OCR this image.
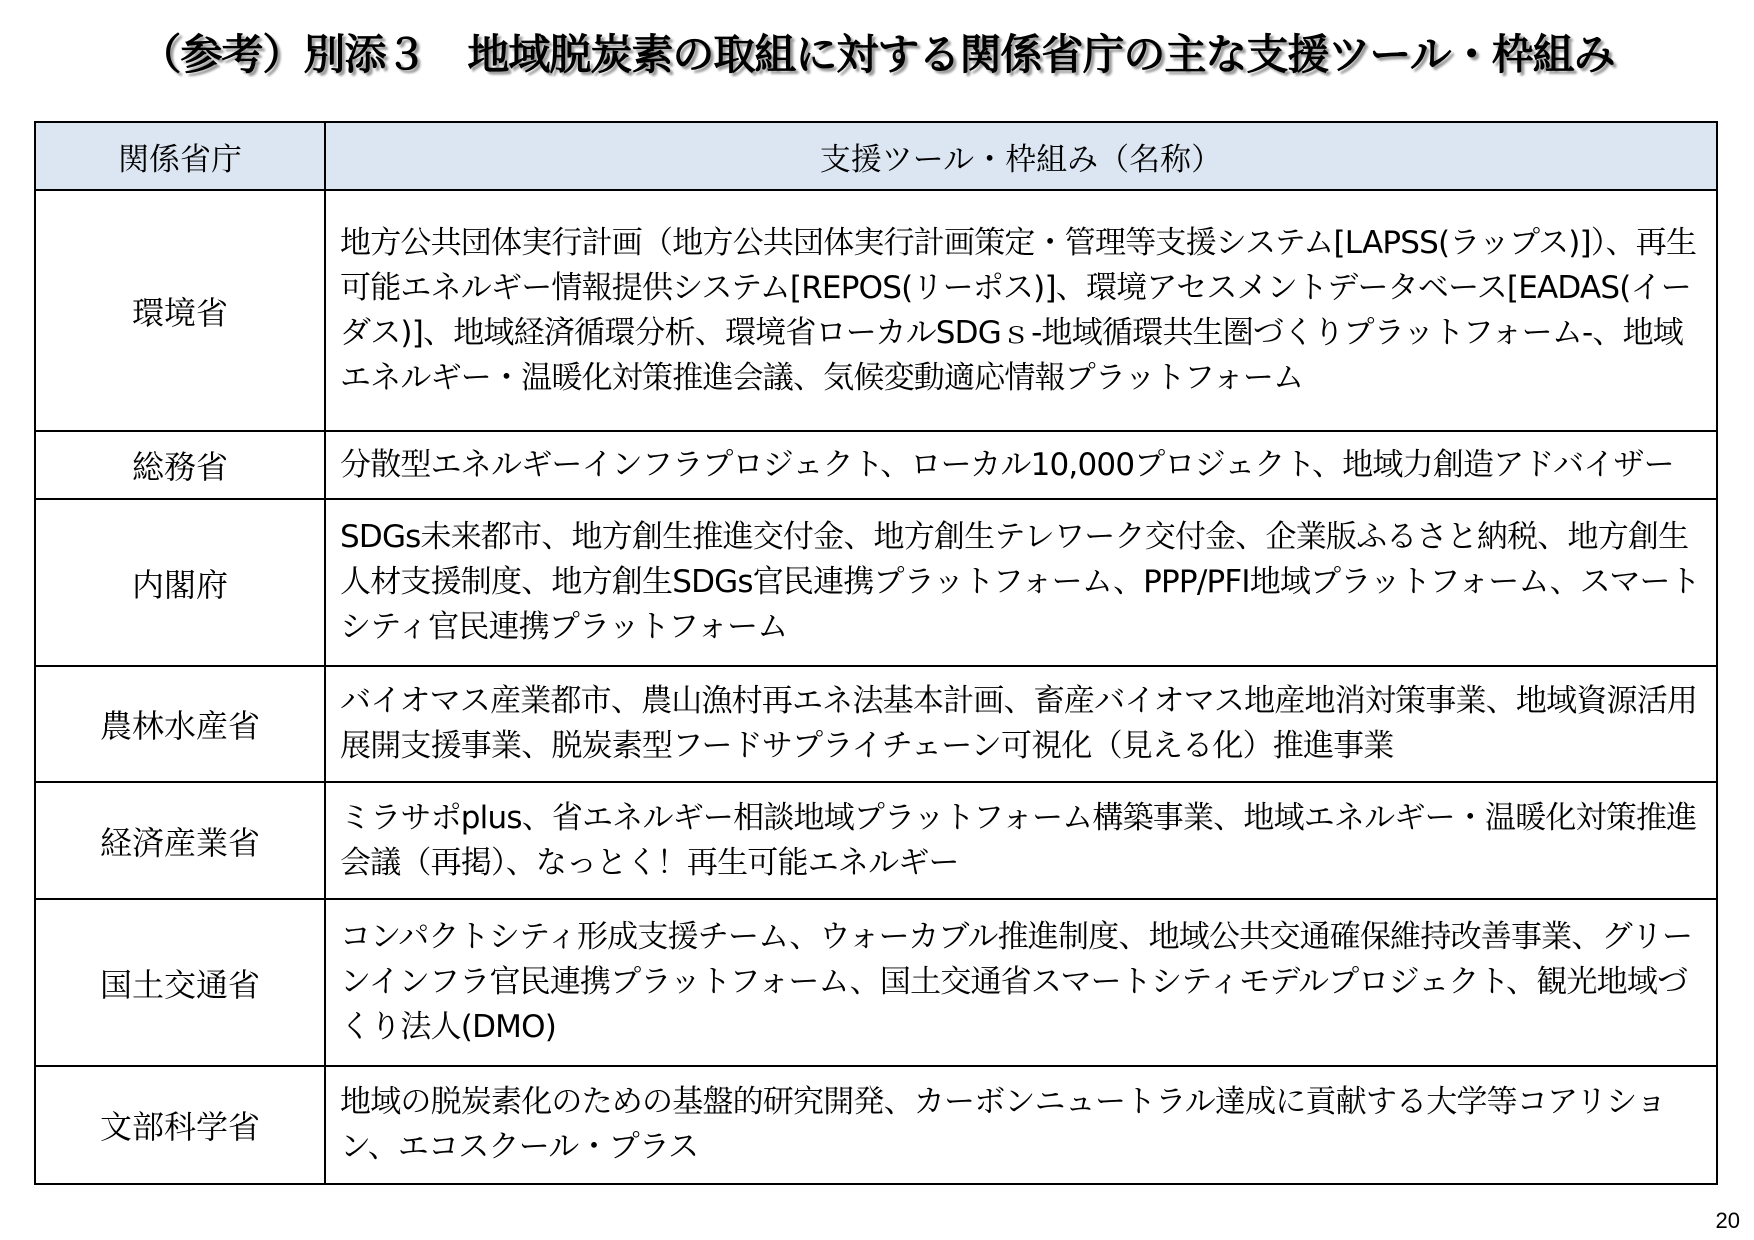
（参考）別添３　地域脱炭素の取組に対する関係省庁の主な支援ツール・枠組み
関係省庁	支援ツール・枠組み（名称）
環境省	地方公共団体実行計画（地方公共団体実行計画策定・管理等支援システム[LAPSS(ラップス)]）、再生可能エネルギー情報提供システム[REPOS(リーポス)]、環境アセスメントデータベース[EADAS(イーダス)]、地域経済循環分析、環境省ローカルSDGｓ-地域循環共生圏づくりプラットフォーム-、地域エネルギー・温暖化対策推進会議、気候変動適応情報プラットフォーム
総務省	分散型エネルギーインフラプロジェクト、ローカル10,000プロジェクト、地域力創造アドバイザー
内閣府	SDGs未来都市、地方創生推進交付金、地方創生テレワーク交付金、企業版ふるさと納税、地方創生人材支援制度、地方創生SDGs官民連携プラットフォーム、PPP/PFI地域プラットフォーム、スマートシティ官民連携プラットフォーム
農林水産省	バイオマス産業都市、農山漁村再エネ法基本計画、畜産バイオマス地産地消対策事業、地域資源活用展開支援事業、脱炭素型フードサプライチェーン可視化（見える化）推進事業
経済産業省	ミラサポplus、省エネルギー相談地域プラットフォーム構築事業、地域エネルギー・温暖化対策推進会議（再掲）、なっとく！再生可能エネルギー
国土交通省	コンパクトシティ形成支援チーム、ウォーカブル推進制度、地域公共交通確保維持改善事業、グリーンインフラ官民連携プラットフォーム、国土交通省スマートシティモデルプロジェクト、観光地域づくり法人(DMO)
文部科学省	地域の脱炭素化のための基盤的研究開発、カーボンニュートラル達成に貢献する大学等コアリション、エコスクール・プラス
20
